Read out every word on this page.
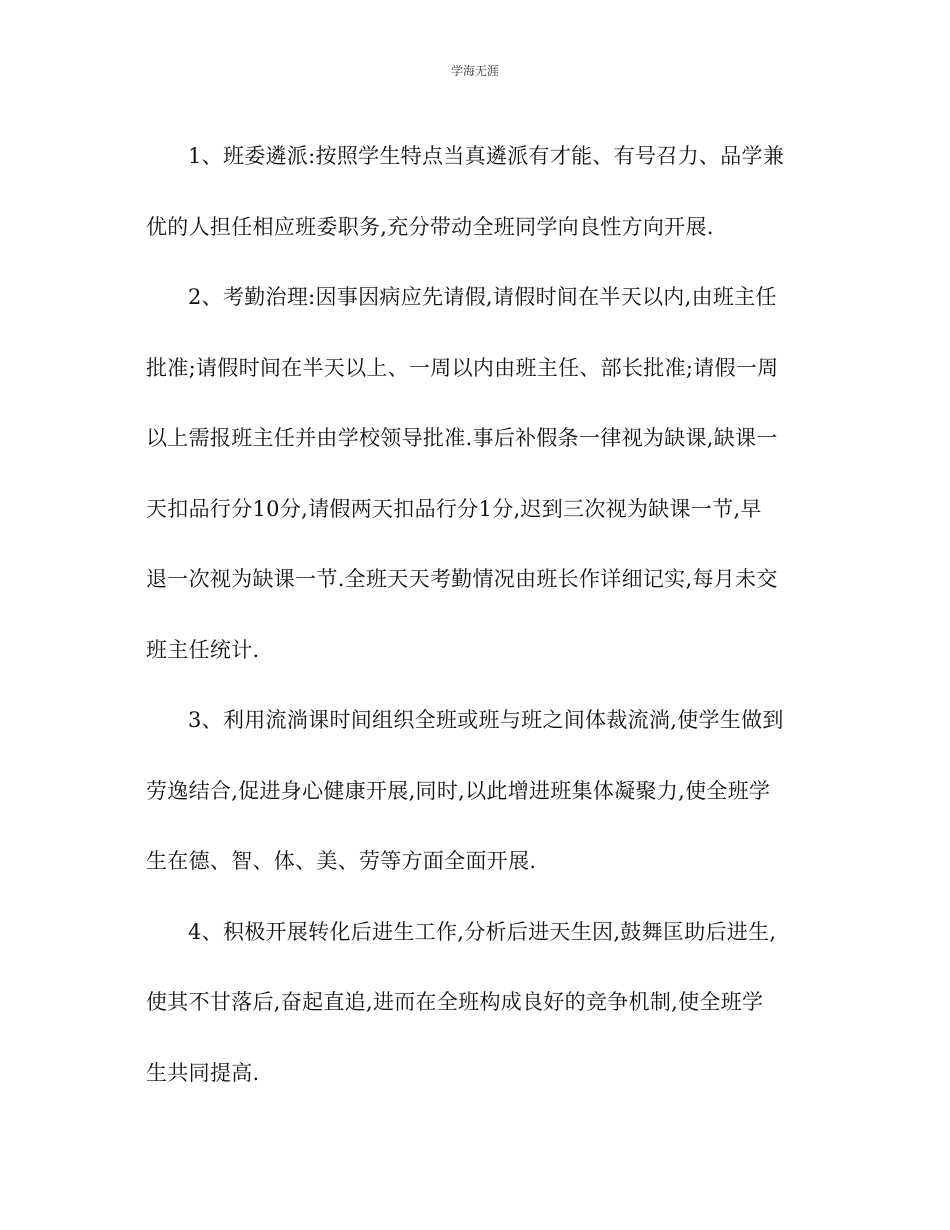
学海无涯
1、班委遴派:按照学生特点当真遴派有才能、有号召力、品学兼
优的人担任相应班委职务,充分带动全班同学向良性方向开展.
2、考勤治理:因事因病应先请假,请假时间在半天以内,由班主任
批准;请假时间在半天以上、一周以内由班主任、部长批准;请假一周
以上需报班主任并由学校领导批准.事后补假条一律视为缺课,缺课一
天扣品行分10分,请假两天扣品行分1分,迟到三次视为缺课一节,早
退一次视为缺课一节.全班天天考勤情况由班长作详细记实,每月未交
班主任统计.
3、利用流淌课时间组织全班或班与班之间体裁流淌,使学生做到
劳逸结合,促进身心健康开展,同时,以此增进班集体凝聚力,使全班学
生在德、智、体、美、劳等方面全面开展.
4、积极开展转化后进生工作,分析后进天生因,鼓舞匡助后进生,
使其不甘落后,奋起直追,进而在全班构成良好的竞争机制,使全班学
生共同提高.
